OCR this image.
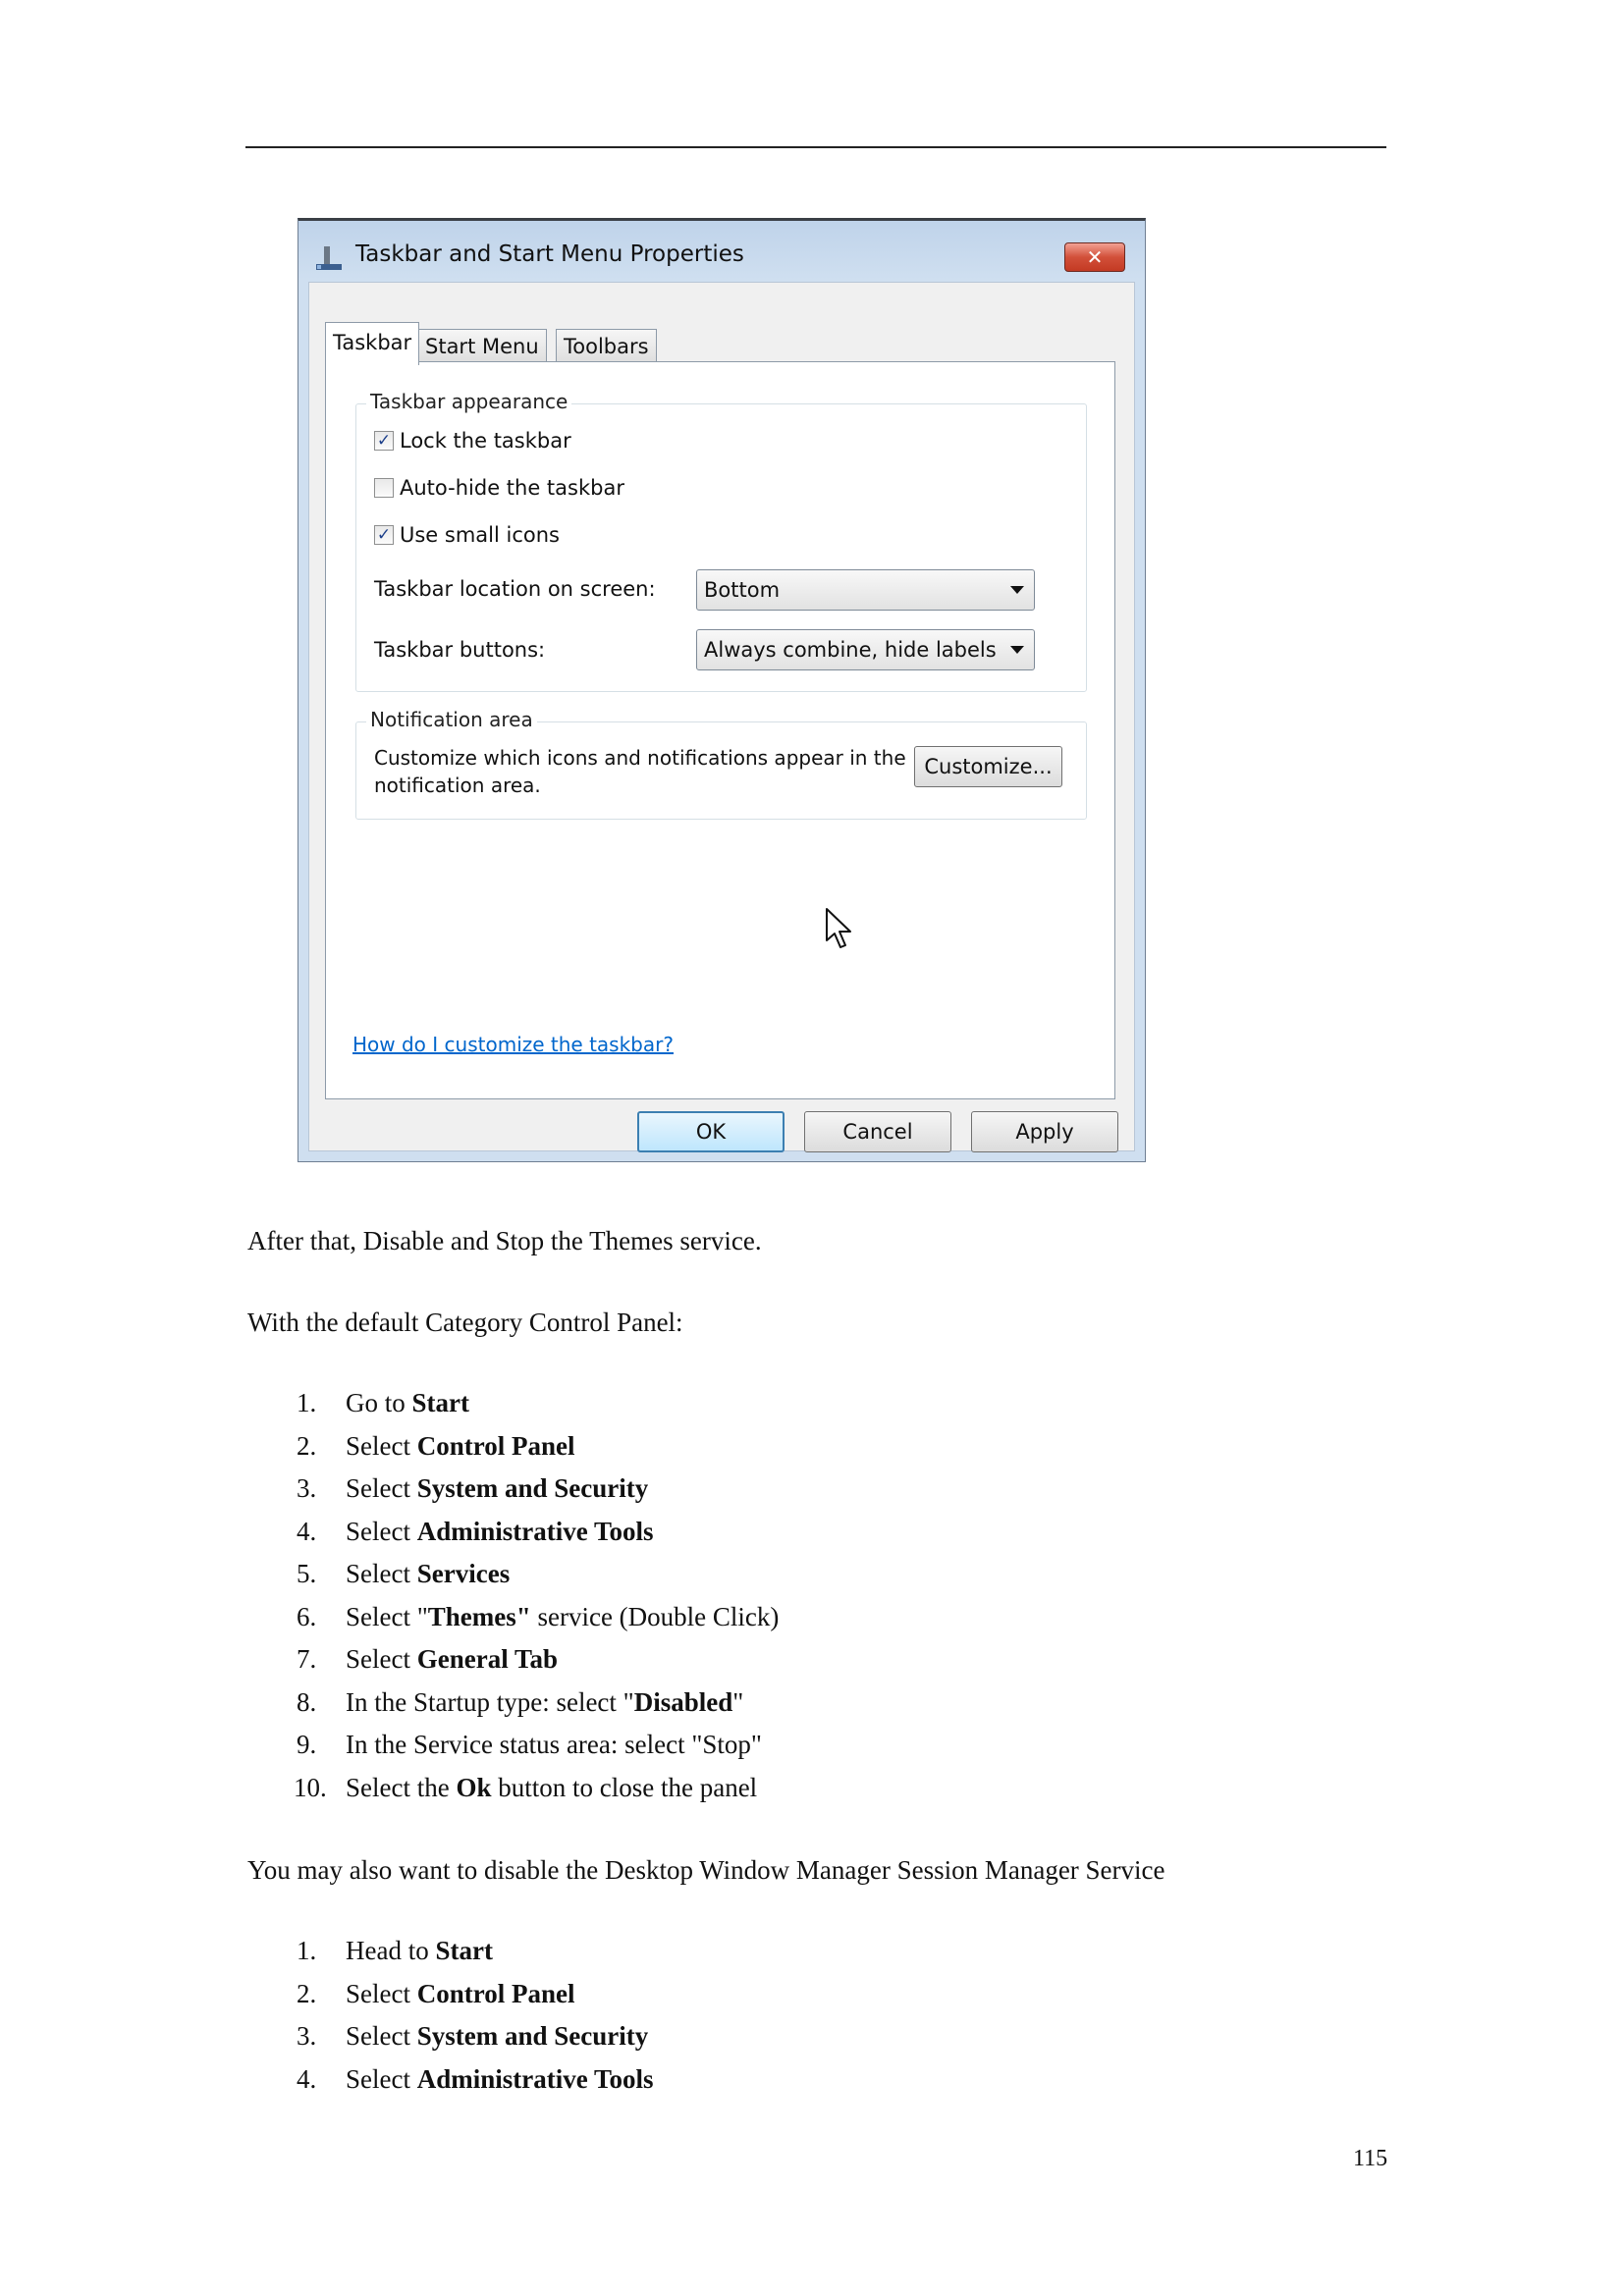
Taskbar and Start Menu Properties	✕
Taskbar Start Menu	Toolbars
Taskbar appearance
✓ Lock the taskbar
Auto-hide the taskbar
✓ Use small icons
Taskbar location on screen:	Bottom
Taskbar buttons:	Always combine, hide labels
Notification area
Customize which icons and notifications appear in the notification area.
Customize...
How do I customize the taskbar?
OK	Cancel	Apply
After that, Disable and Stop the Themes service.
With the default Category Control Panel:
1. Go to Start
2. Select Control Panel
3. Select System and Security
4. Select Administrative Tools
5. Select Services
6. Select "Themes" service (Double Click)
7. Select General Tab
8. In the Startup type: select "Disabled"
9. In the Service status area: select "Stop"
10. Select the Ok button to close the panel
You may also want to disable the Desktop Window Manager Session Manager Service
1. Head to Start
2. Select Control Panel
3. Select System and Security
4. Select Administrative Tools
115
